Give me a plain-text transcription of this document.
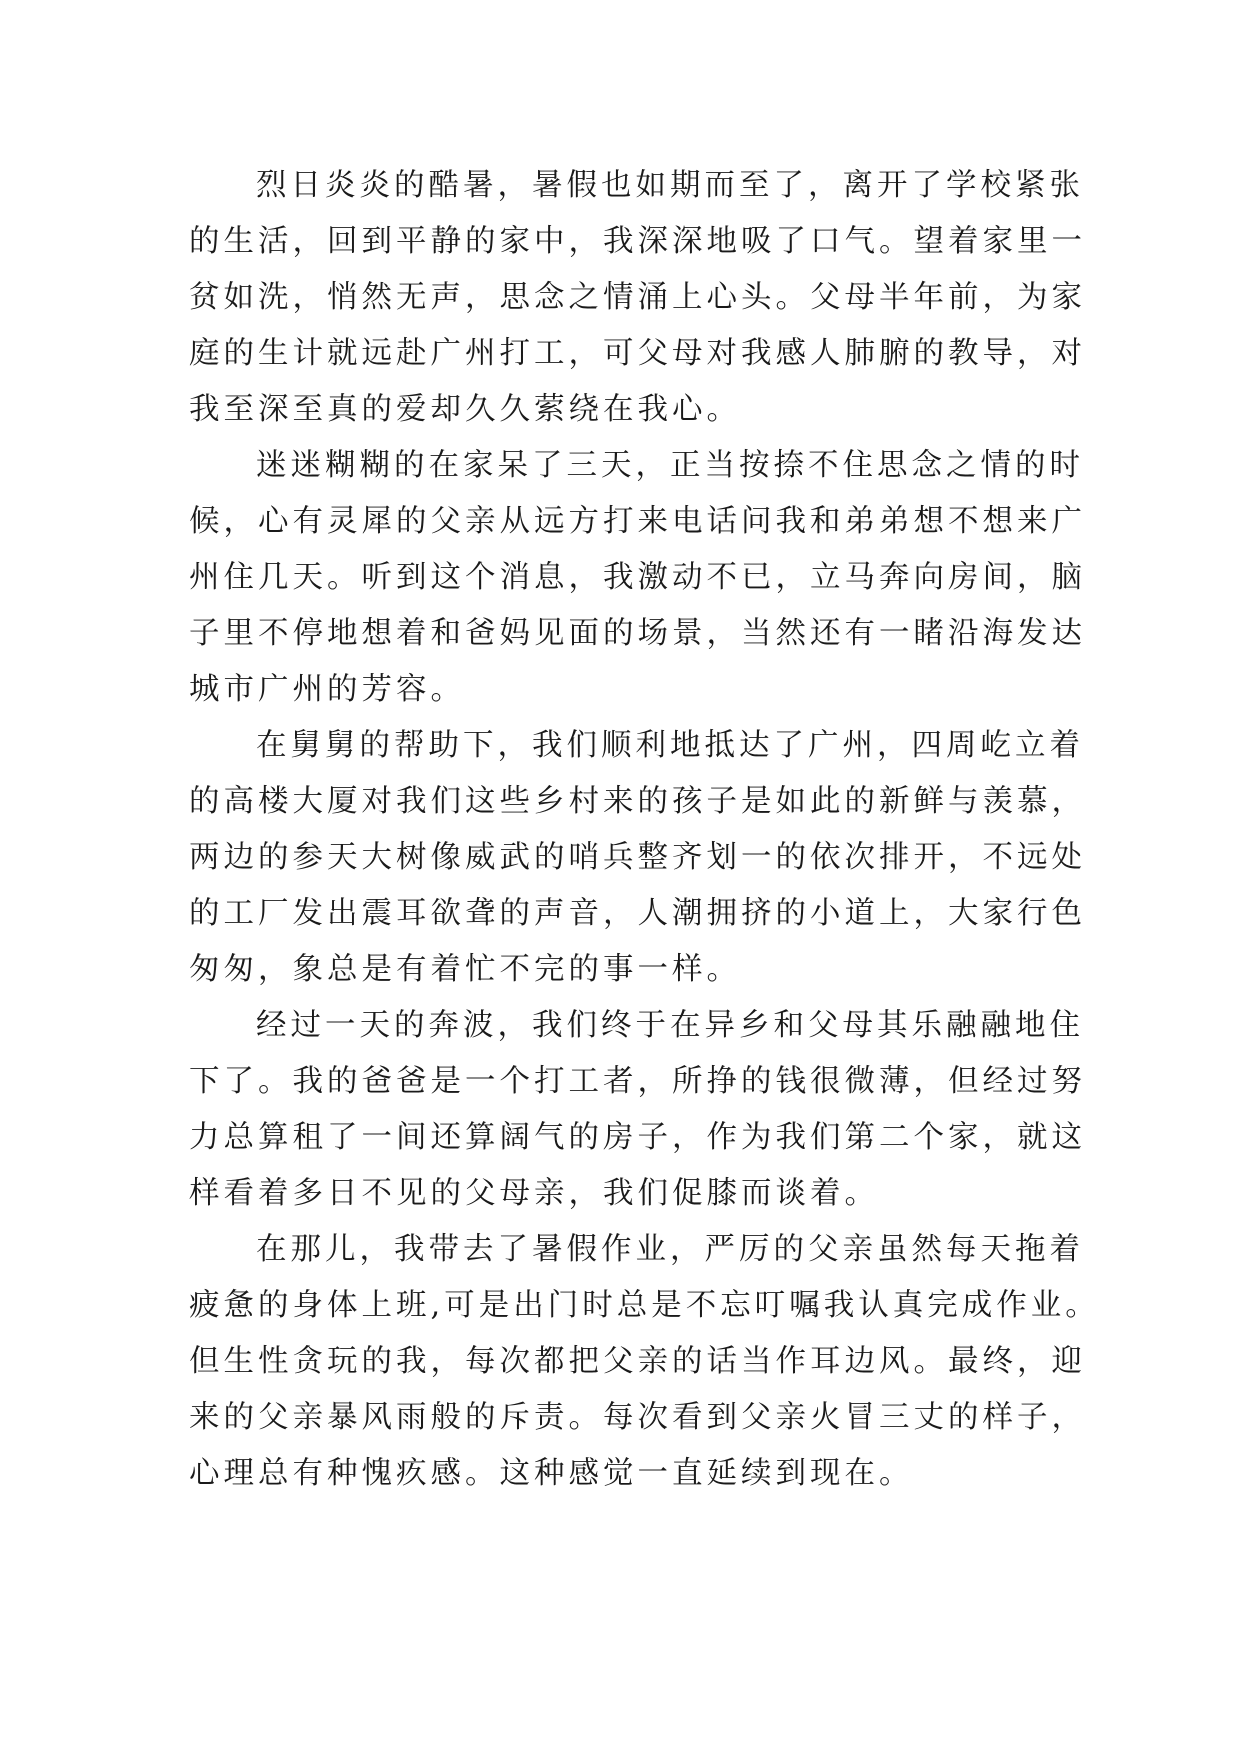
烈日炎炎的酷暑，暑假也如期而至了，离开了学校紧张
的生活，回到平静的家中，我深深地吸了口气。望着家里一
贫如洗，悄然无声，思念之情涌上心头。父母半年前，为家
庭的生计就远赴广州打工，可父母对我感人肺腑的教导，对
我至深至真的爱却久久萦绕在我心。
迷迷糊糊的在家呆了三天，正当按捺不住思念之情的时
候，心有灵犀的父亲从远方打来电话问我和弟弟想不想来广
州住几天。听到这个消息，我激动不已，立马奔向房间，脑
子里不停地想着和爸妈见面的场景，当然还有一睹沿海发达
城市广州的芳容。
在舅舅的帮助下，我们顺利地抵达了广州，四周屹立着
的高楼大厦对我们这些乡村来的孩子是如此的新鲜与羡慕，
两边的参天大树像威武的哨兵整齐划一的依次排开，不远处
的工厂发出震耳欲聋的声音，人潮拥挤的小道上，大家行色
匆匆，象总是有着忙不完的事一样。
经过一天的奔波，我们终于在异乡和父母其乐融融地住
下了。我的爸爸是一个打工者，所挣的钱很微薄，但经过努
力总算租了一间还算阔气的房子，作为我们第二个家，就这
样看着多日不见的父母亲，我们促膝而谈着。
在那儿，我带去了暑假作业，严厉的父亲虽然每天拖着
疲惫的身体上班,可是出门时总是不忘叮嘱我认真完成作业。
但生性贪玩的我，每次都把父亲的话当作耳边风。最终，迎
来的父亲暴风雨般的斥责。每次看到父亲火冒三丈的样子，
心理总有种愧疚感。这种感觉一直延续到现在。
